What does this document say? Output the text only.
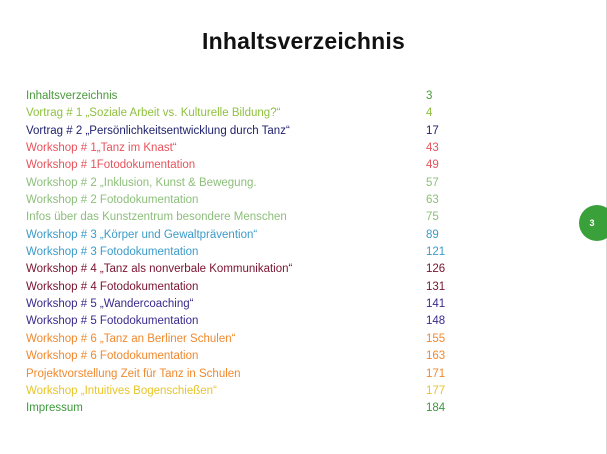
Inhaltsverzeichnis
Inhaltsverzeichnis	3
Vortrag # 1 „Soziale Arbeit vs. Kulturelle Bildung?“	4
Vortrag # 2 „Persönlichkeitsentwicklung durch Tanz“	17
Workshop # 1„Tanz im Knast“	43
Workshop # 1Fotodokumentation	49
Workshop # 2 „Inklusion, Kunst & Bewegung.	57
Workshop # 2 Fotodokumentation	63
Infos über das Kunstzentrum besondere Menschen	75
Workshop # 3 „Körper und Gewaltprävention“	89
Workshop # 3 Fotodokumentation	121
Workshop # 4 „Tanz als nonverbale Kommunikation“	126
Workshop # 4 Fotodokumentation	131
Workshop # 5 „Wandercoaching“	141
Workshop # 5 Fotodokumentation	148
Workshop # 6 „Tanz an Berliner Schulen“	155
Workshop # 6 Fotodokumentation	163
Projektvorstellung Zeit für Tanz in Schulen	171
Workshop „Intuitives Bogenschießen“	177
Impressum	184
3
